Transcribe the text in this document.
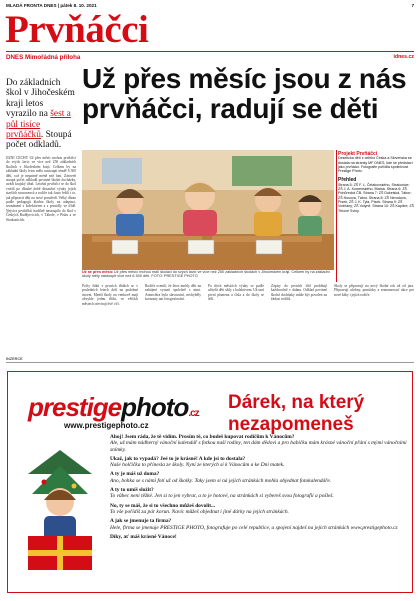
MLADÁ FRONTA DNES | pátek 8. 10. 2021	7
Prvňáčci
DNES Mimořádná příloha	idnes.cz
Do základních škol v Jihočeském kraji letos vyrazilo na šest a půl tisíce prvňáčků. Stoupá počet odkladů.
Už přes měsíc jsou z nás prvňáčci, radují se děti
Už se přes měsíc Už přes měsíc mohou malí školáci do svých lavic ve více než 250 základních školách v Jihočeském kraji. Celkem by na základní školy měly nastoupit více než 6 500 dětí. FOTO: PRESTIGE PHOTO
Projekt Prvňáčci
Deseticka dětí z celého Česka a Slovenska se dostala na stránky MF DNES, kde se představí jako prvňáčci. Fotografie pořídila společnost Prestige Photo.
Přehled
Strana 5: ZŠ F. L. Čelakovského, Strakonice; ZŠ J. A. Komenského, Blatná. Strana 6: ZŠ Pohůrecká ČB. Strana 7: ZŠ Dukelská, Tábor; ZŠ Husova, Tábor. Strana 8: ZŠ Nerudova, Písek; ZŠ J. K. Tyla, Písek. Strana 9: ZŠ Vodňany; ZŠ Volyně. Strana 10: ZŠ Kaplice; ZŠ Trhové Sviny.
JIŽNÍ ČECHY Už přes měsíc mohou prvňáčci do svých lavic ve více než 250 základních školách v Jihočeském kraji. Celkem by na základní školy letos mělo nastoupit téměř 6 500 dětí, což je nepatrně méně než loni. Zároveň stoupá počet odkladů povinné školní docházky, uvádí krajský úřad. Letošní prvňáčci se do škol vrátili po dlouhé době distanční výuky jejich starších sourozenců a rodiče tak často řešili i to, jak připravit děti na nové prostředí. Velký důraz podle pedagogů kladou školy na adaptaci, seznámení s kolektivem a s pravidly ve třídě. Nejvíce prvňáčků tradičně nastoupilo do škol v Českých Budějovicích, v Táboře, v Písku a ve Strakonicích.
Počty žáků v prvních třídách se v posledních letech drží na podobné úrovni. Menší školy na venkově mají obvykle jednu třídu, ve větších městech otevírají dvě i tři.
Rodiče ocenili, že letos mohly děti na zahájení vyrazit společně s nimi. Atmosféra byla slavnostní, nechyběly kornouty ani fotografování.
Po třech měsících výuky se podle učitelů děti sžily s kolektivem. Už umí první písmena a čísla a do školy se těší.
Zápisy do prvních tříd probíhají každoročně v dubnu. Odklad povinné školní docházky může být povolen na žádost rodičů.
Školy se připravují na nový školní rok už od jara. Připravují učebny, pomůcky a seznamovací akce pro nové žáky i jejich rodiče.
INZERCE
prestigephoto.cz
www.prestigephoto.cz
Dárek, na který nezapomeneš
Ahoj! Jsem ráda, že tě vidím. Prosím tě, co budeš kupovat rodičům k Vánocům?
Ale, už mám nádherný vánoční kalendář s fotkou naší rodiny, ten dám dědovi a pro babičku mám krásné vánoční přání s mými vánočními snímky.
Ukaž, jak to vypadá? Jeé to je krásné! A kde jsi to dostala?
Naše holčička to přinesla ze školy. Nyní ze kterých si k Vánocům a ke Dni matek.
A ty je máš už doma?
Ano, bohka se s námi fotí už od školky. Taky jsem si ná jejích stránkách mohla objednat fotokalendáře.
A ty to umíš složit?
To vůbec není těžké. Jen si to jen vybrat, a to je hotové, na stránkách si vybereš svou fotografii a pošleš.
No, ty se máš, že si to všechno můžeš dovolit...
To vše pořídíš za pár korun. Navíc můžeš objednat i jiné dárky na jejich stránkách.
A jak se jmenuje ta firma?
Hele, firma se jmenuje PRESTIGE PHOTO, fotografuje po celé republice, a spojení najdeš na jejích stránkách www.prestigephoto.cz
Díky, ať máš krásné Vánoce!
